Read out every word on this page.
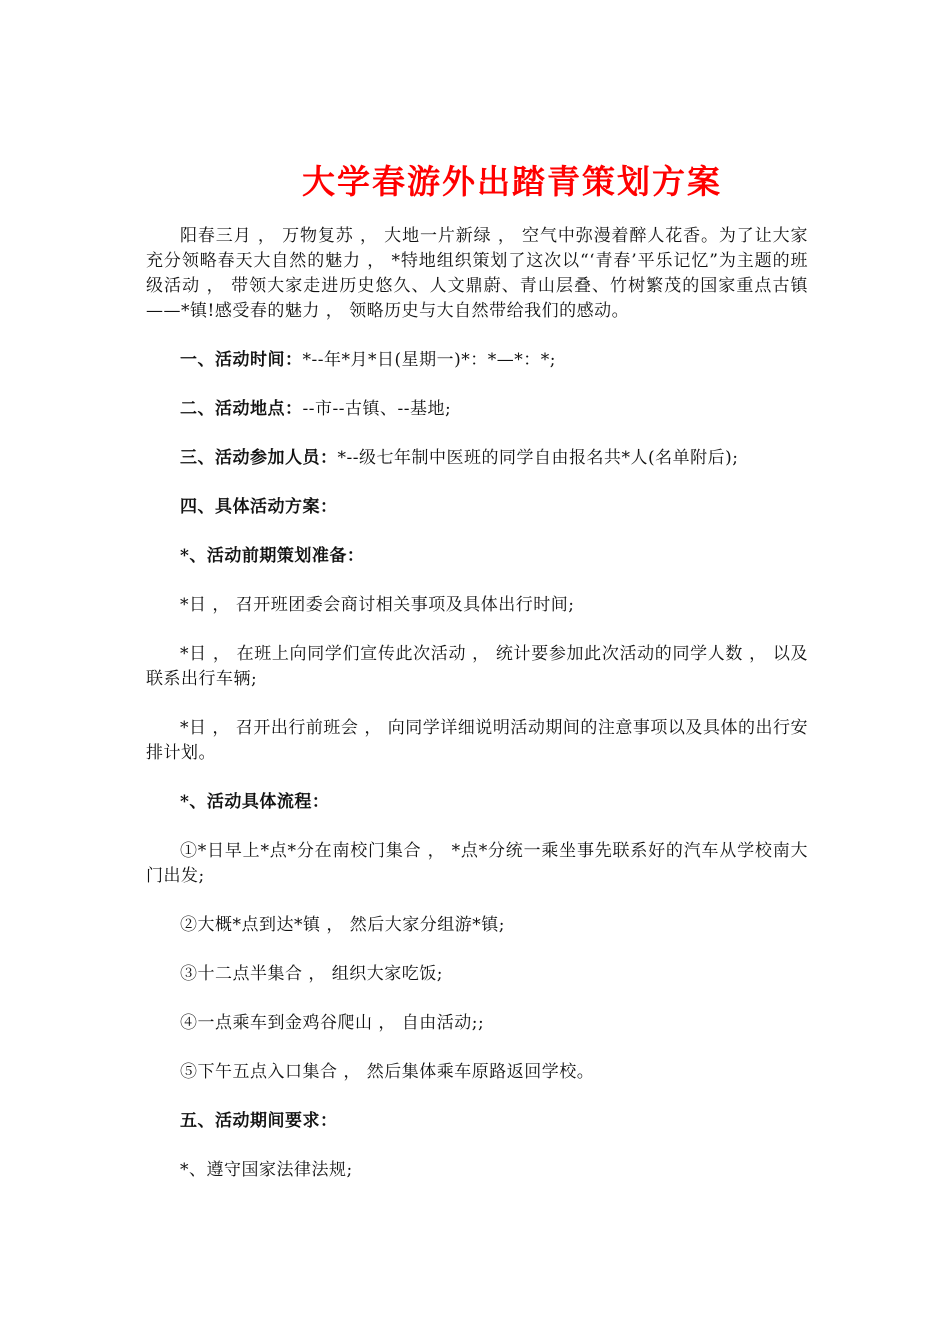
大学春游外出踏青策划方案

阳春三月 ， 万物复苏 ， 大地一片新绿 ， 空气中弥漫着醉人花香。为了让大家充分领略春天大自然的魅力 ， *特地组织策划了这次以“‘青春’平乐记忆”为主题的班级活动 ， 带领大家走进历史悠久、人文鼎蔚、青山层叠、竹树繁茂的国家重点古镇——*镇!感受春的魅力 ， 领略历史与大自然带给我们的感动。

一、活动时间：*--年*月*日(星期一)*：*—*：*;

二、活动地点：--市--古镇、--基地;

三、活动参加人员：*--级七年制中医班的同学自由报名共*人(名单附后);

四、具体活动方案：

*、活动前期策划准备：

*日 ， 召开班团委会商讨相关事项及具体出行时间;

*日 ， 在班上向同学们宣传此次活动 ， 统计要参加此次活动的同学人数 ， 以及联系出行车辆;

*日 ， 召开出行前班会 ， 向同学详细说明活动期间的注意事项以及具体的出行安排计划。

*、活动具体流程：

①*日早上*点*分在南校门集合 ， *点*分统一乘坐事先联系好的汽车从学校南大门出发;

②大概*点到达*镇 ， 然后大家分组游*镇;

③十二点半集合 ， 组织大家吃饭;

④一点乘车到金鸡谷爬山 ， 自由活动;;

⑤下午五点入口集合 ， 然后集体乘车原路返回学校。

五、活动期间要求：

*、遵守国家法律法规;
